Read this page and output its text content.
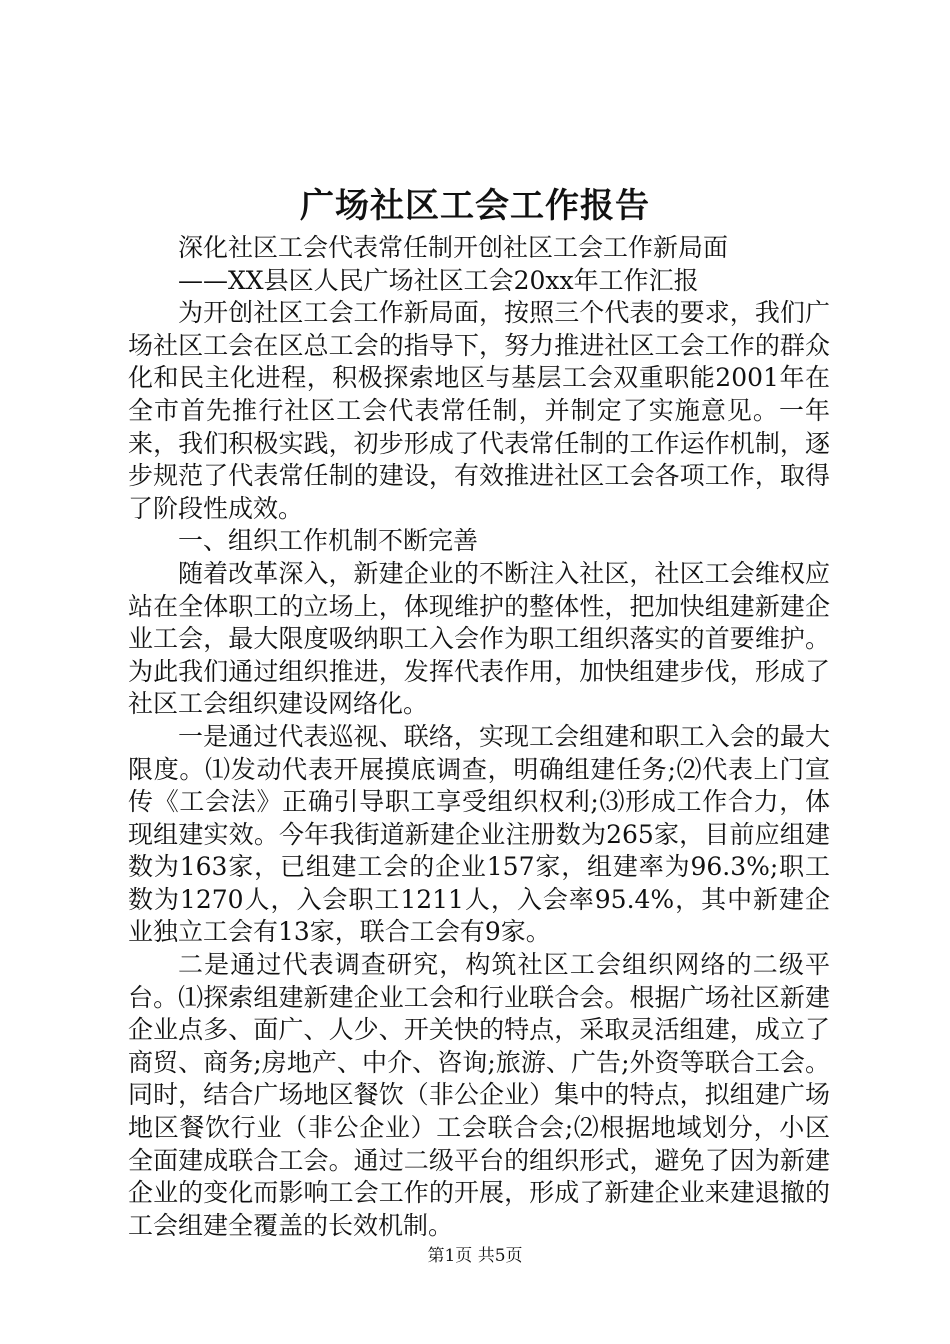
广场社区工会工作报告

深化社区工会代表常任制开创社区工会工作新局面

——XX县区人民广场社区工会20xx年工作汇报

为开创社区工会工作新局面，按照三个代表的要求，我们广场社区工会在区总工会的指导下，努力推进社区工会工作的群众化和民主化进程，积极探索地区与基层工会双重职能2001年在全市首先推行社区工会代表常任制，并制定了实施意见。一年来，我们积极实践，初步形成了代表常任制的工作运作机制，逐步规范了代表常任制的建设，有效推进社区工会各项工作，取得了阶段性成效。

一、组织工作机制不断完善

随着改革深入，新建企业的不断注入社区，社区工会维权应站在全体职工的立场上，体现维护的整体性，把加快组建新建企业工会，最大限度吸纳职工入会作为职工组织落实的首要维护。为此我们通过组织推进，发挥代表作用，加快组建步伐，形成了社区工会组织建设网络化。

一是通过代表巡视、联络，实现工会组建和职工入会的最大限度。⑴发动代表开展摸底调查，明确组建任务;⑵代表上门宣传《工会法》正确引导职工享受组织权利;⑶形成工作合力，体现组建实效。今年我街道新建企业注册数为265家，目前应组建数为163家，已组建工会的企业157家，组建率为96.3%;职工数为1270人，入会职工1211人，入会率95.4%，其中新建企业独立工会有13家，联合工会有9家。

二是通过代表调查研究，构筑社区工会组织网络的二级平台。⑴探索组建新建企业工会和行业联合会。根据广场社区新建企业点多、面广、人少、开关快的特点，采取灵活组建，成立了商贸、商务;房地产、中介、咨询;旅游、广告;外资等联合工会。同时，结合广场地区餐饮（非公企业）集中的特点，拟组建广场地区餐饮行业（非公企业）工会联合会;⑵根据地域划分，小区全面建成联合工会。通过二级平台的组织形式，避免了因为新建企业的变化而影响工会工作的开展，形成了新建企业来建退撤的工会组建全覆盖的长效机制。

第1页 共5页
